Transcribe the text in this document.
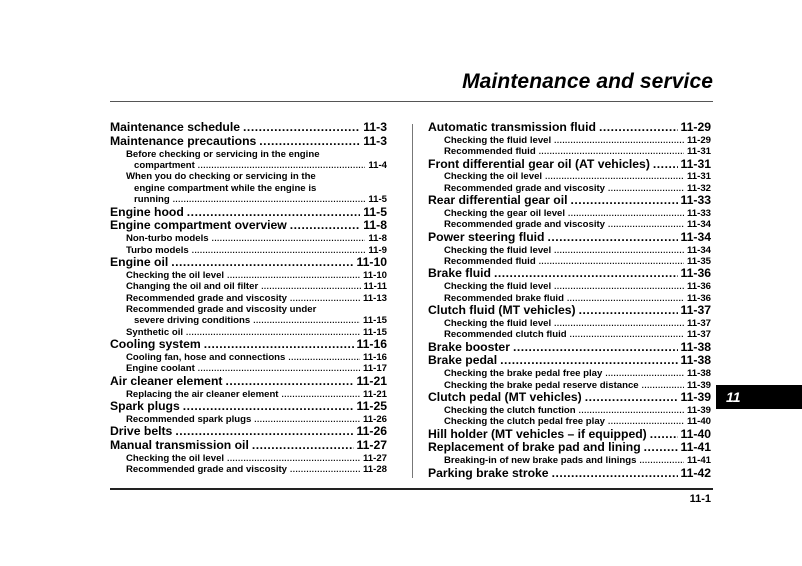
Maintenance and service
Maintenance schedule .....	11-3
Maintenance precautions .....	11-3
Before checking or servicing in the engine
compartment .....	11-4
When you do checking or servicing in the
engine compartment while the engine is
running .....	11-5
Engine hood .....	11-5
Engine compartment overview .....	11-8
Non-turbo models .....	11-8
Turbo models .....	11-9
Engine oil .....	11-10
Checking the oil level .....	11-10
Changing the oil and oil filter .....	11-11
Recommended grade and viscosity .....	11-13
Recommended grade and viscosity under
severe driving conditions .....	11-15
Synthetic oil .....	11-15
Cooling system .....	11-16
Cooling fan, hose and connections .....	11-16
Engine coolant .....	11-17
Air cleaner element .....	11-21
Replacing the air cleaner element .....	11-21
Spark plugs .....	11-25
Recommended spark plugs .....	11-26
Drive belts .....	11-26
Manual transmission oil .....	11-27
Checking the oil level .....	11-27
Recommended grade and viscosity .....	11-28
Automatic transmission fluid .....	11-29
Checking the fluid level .....	11-29
Recommended fluid .....	11-31
Front differential gear oil (AT vehicles) .....	11-31
Checking the oil level .....	11-31
Recommended grade and viscosity .....	11-32
Rear differential gear oil .....	11-33
Checking the gear oil level .....	11-33
Recommended grade and viscosity .....	11-34
Power steering fluid .....	11-34
Checking the fluid level .....	11-34
Recommended fluid .....	11-35
Brake fluid .....	11-36
Checking the fluid level .....	11-36
Recommended brake fluid .....	11-36
Clutch fluid (MT vehicles) .....	11-37
Checking the fluid level .....	11-37
Recommended clutch fluid .....	11-37
Brake booster .....	11-38
Brake pedal .....	11-38
Checking the brake pedal free play .....	11-38
Checking the brake pedal reserve distance .....	11-39
Clutch pedal (MT vehicles) .....	11-39
Checking the clutch function .....	11-39
Checking the clutch pedal free play .....	11-40
Hill holder (MT vehicles – if equipped) .....	11-40
Replacement of brake pad and lining .....	11-41
Breaking-in of new brake pads and linings .....	11-41
Parking brake stroke .....	11-42
11
11-1
